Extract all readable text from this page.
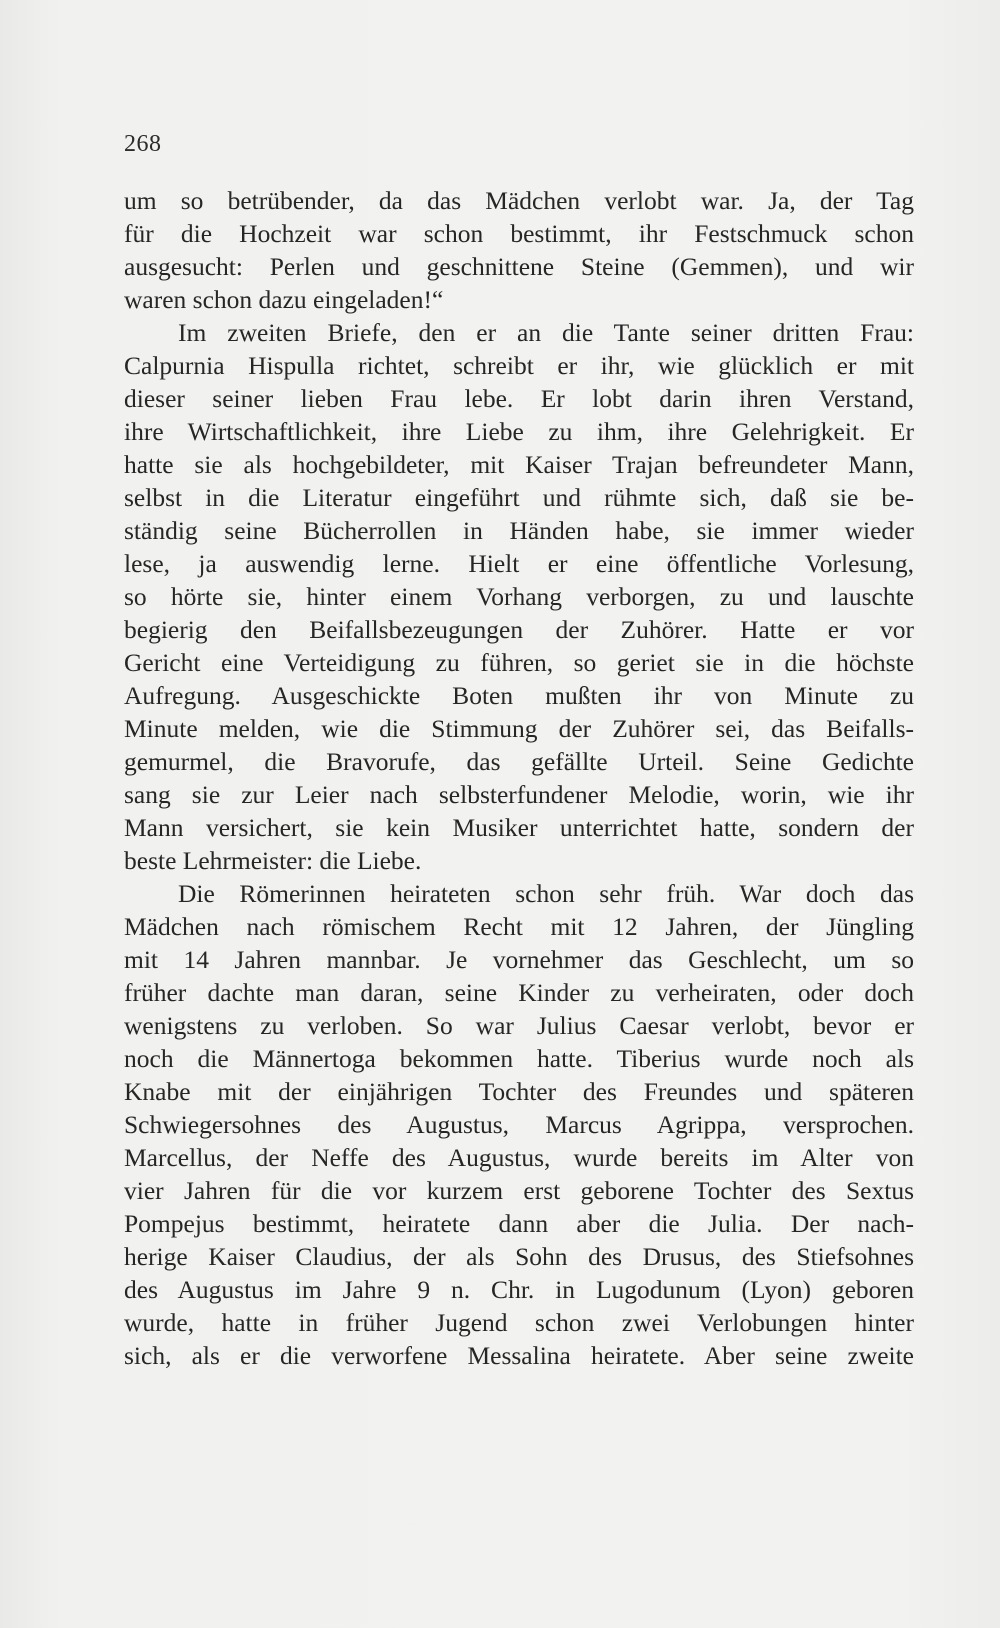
268
um so betrübender, da das Mädchen verlobt war. Ja, der Tag
für die Hochzeit war schon bestimmt, ihr Festschmuck schon
ausgesucht: Perlen und geschnittene Steine (Gemmen), und wir
waren schon dazu eingeladen!“
Im zweiten Briefe, den er an die Tante seiner dritten Frau:
Calpurnia Hispulla richtet, schreibt er ihr, wie glücklich er mit
dieser seiner lieben Frau lebe. Er lobt darin ihren Verstand,
ihre Wirtschaftlichkeit, ihre Liebe zu ihm, ihre Gelehrigkeit. Er
hatte sie als hochgebildeter, mit Kaiser Trajan befreundeter Mann,
selbst in die Literatur eingeführt und rühmte sich, daß sie be-
ständig seine Bücherrollen in Händen habe, sie immer wieder
lese, ja auswendig lerne. Hielt er eine öffentliche Vorlesung,
so hörte sie, hinter einem Vorhang verborgen, zu und lauschte
begierig den Beifallsbezeugungen der Zuhörer. Hatte er vor
Gericht eine Verteidigung zu führen, so geriet sie in die höchste
Aufregung. Ausgeschickte Boten mußten ihr von Minute zu
Minute melden, wie die Stimmung der Zuhörer sei, das Beifalls-
gemurmel, die Bravorufe, das gefällte Urteil. Seine Gedichte
sang sie zur Leier nach selbsterfundener Melodie, worin, wie ihr
Mann versichert, sie kein Musiker unterrichtet hatte, sondern der
beste Lehrmeister: die Liebe.
Die Römerinnen heirateten schon sehr früh. War doch das
Mädchen nach römischem Recht mit 12 Jahren, der Jüngling
mit 14 Jahren mannbar. Je vornehmer das Geschlecht, um so
früher dachte man daran, seine Kinder zu verheiraten, oder doch
wenigstens zu verloben. So war Julius Caesar verlobt, bevor er
noch die Männertoga bekommen hatte. Tiberius wurde noch als
Knabe mit der einjährigen Tochter des Freundes und späteren
Schwiegersohnes des Augustus, Marcus Agrippa, versprochen.
Marcellus, der Neffe des Augustus, wurde bereits im Alter von
vier Jahren für die vor kurzem erst geborene Tochter des Sextus
Pompejus bestimmt, heiratete dann aber die Julia. Der nach-
herige Kaiser Claudius, der als Sohn des Drusus, des Stiefsohnes
des Augustus im Jahre 9 n. Chr. in Lugodunum (Lyon) geboren
wurde, hatte in früher Jugend schon zwei Verlobungen hinter
sich, als er die verworfene Messalina heiratete. Aber seine zweite
